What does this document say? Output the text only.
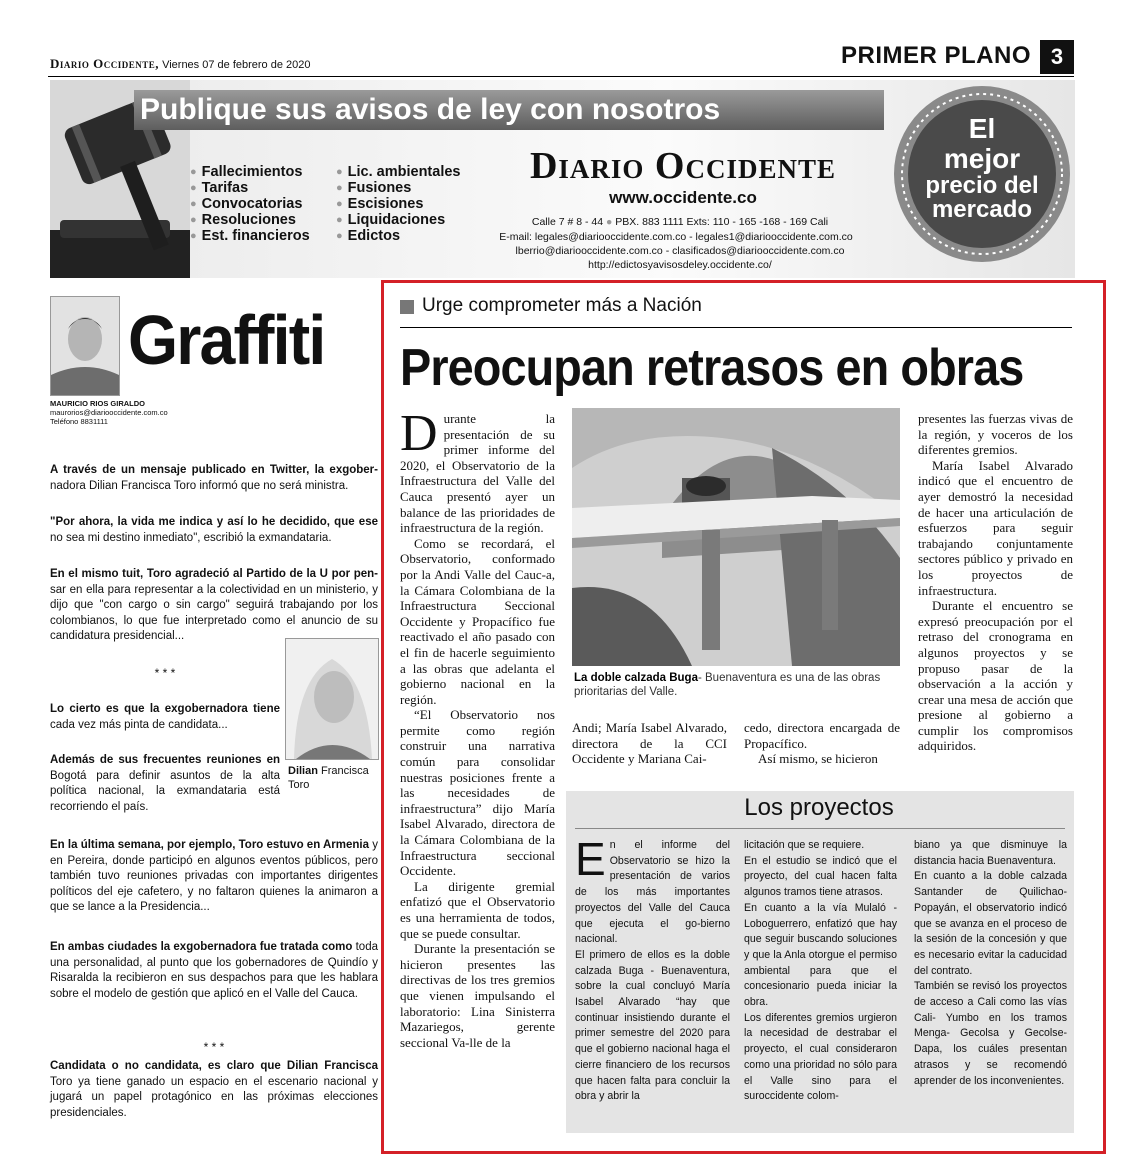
Diario Occidente, Viernes 07 de febrero de 2020	PRIMER PLANO 3
Publique sus avisos de ley con nosotros
● Fallecimientos
● Tarifas
● Convocatorias
● Resoluciones
● Est. financieros
● Lic. ambientales
● Fusiones
● Escisiones
● Liquidaciones
● Edictos
Diario Occidente
www.occidente.co
Calle 7 # 8 - 44 ● PBX. 883 1111 Exts: 110 - 165 -168 - 169 Cali
E-mail: legales@diariooccidente.com.co - legales1@diariooccidente.com.co
lberrio@diariooccidente.com.co - clasificados@diariooccidente.com.co
http://edictosyavisosdeley.occidente.co/
El
mejor
precio del
mercado
Graffiti
MAURICIO RIOS GIRALDO
maurorios@diariooccidente.com.co
Teléfono 8831111
A través de un mensaje publicado en Twitter, la exgober- nadora Dilian Francisca Toro informó que no será ministra.
"Por ahora, la vida me indica y así lo he decidido, que ese no sea mi destino inmediato", escribió la exmandataria.
En el mismo tuit, Toro agradeció al Partido de la U por pen- sar en ella para representar a la colectividad en un ministerio, y dijo que "con cargo o sin cargo" seguirá trabajando por los colombianos, lo que fue interpretado como el anuncio de su candidatura presidencial...
* * *
Dilian Francisca Toro
Lo cierto es que la exgobernadora tiene cada vez más pinta de candidata...
Además de sus frecuentes reuniones en Bogotá para definir asuntos de la alta política nacional, la exmandataria está recorriendo el país.
En la última semana, por ejemplo, Toro estuvo en Armenia y en Pereira, donde participó en algunos eventos públicos, pero también tuvo reuniones privadas con importantes dirigentes políticos del eje cafetero, y no faltaron quienes la animaron a que se lance a la Presidencia...
En ambas ciudades la exgobernadora fue tratada como toda una personalidad, al punto que los gobernadores de Quindío y Risaralda la recibieron en sus despachos para que les hablara sobre el modelo de gestión que aplicó en el Valle del Cauca.
* * *
Candidata o no candidata, es claro que Dilian Francisca Toro ya tiene ganado un espacio en el escenario nacional y jugará un papel protagónico en las próximas elecciones presidenciales.
Urge comprometer más a Nación
Preocupan retrasos en obras

Durante la presentación de su primer informe del 2020, el Observatorio de la Infraestructura del Valle del Cauca presentó ayer un balance de las prioridades de infraestructura de la región.

Como se recordará, el Observatorio, conformado por la Andi Valle del Cauc-a, la Cámara Colombiana de la Infraestructura Seccional Occidente y Propacífico fue reactivado el año pasado con el fin de hacerle seguimiento a las obras que adelanta el gobierno nacional en la región.

“El Observatorio nos permite como región construir una narrativa común para consolidar nuestras posiciones frente a las necesidades de infraestructura” dijo María Isabel Alvarado, directora de la Cámara Colombiana de la Infraestructura seccional Occidente.

La dirigente gremial enfatizó que el Observatorio es una herramienta de todos, que se puede consultar.

Durante la presentación se hicieron presentes las directivas de los tres gremios que vienen impulsando el laboratorio: Lina Sinisterra Mazariegos, gerente seccional Va-lle de la

La doble calzada Buga- Buenaventura es una de las obras prioritarias del Valle.

Andi; María Isabel Alvarado, directora de la CCI Occidente y Mariana Cai-

cedo, directora encargada de Propacífico.

Así mismo, se hicieron

presentes las fuerzas vivas de la región, y voceros de los diferentes gremios.

María Isabel Alvarado indicó que el encuentro de ayer demostró la necesidad de hacer una articulación de esfuerzos para seguir trabajando conjuntamente sectores público y privado en los proyectos de infraestructura.

Durante el encuentro se expresó preocupación por el retraso del cronograma en algunos proyectos y se propuso pasar de la observación a la acción y crear una mesa de acción que presione al gobierno a cumplir los compromisos adquiridos.

Los proyectos

En el informe del Observatorio se hizo la presentación de varios de los más importantes proyectos del Valle del Cauca que ejecuta el go-bierno nacional.

El primero de ellos es la doble calzada Buga - Buenaventura, sobre la cual concluyó María Isabel Alvarado “hay que continuar insistiendo durante el primer semestre del 2020 para que el gobierno nacional haga el cierre financiero de los recursos que hacen falta para concluir la obra y abrir la

licitación que se requiere.

En el estudio se indicó que el proyecto, del cual hacen falta algunos tramos tiene atrasos.

En cuanto a la vía Mulaló - Loboguerrero, enfatizó que hay que seguir buscando soluciones y que la Anla otorgue el permiso ambiental para que el concesionario pueda iniciar la obra.

Los diferentes gremios urgieron la necesidad de destrabar el proyecto, el cual consideraron como una prioridad no sólo para el Valle sino para el suroccidente colom-

biano ya que disminuye la distancia hacia Buenaventura.

En cuanto a la doble calzada Santander de Quilichao- Popayán, el observatorio indicó que se avanza en el proceso de la sesión de la concesión y que es necesario evitar la caducidad del contrato.

También se revisó los proyectos de acceso a Cali como las vías Cali- Yumbo en los tramos Menga- Gecolsa y Gecolse- Dapa, los cuáles presentan atrasos y se recomendó aprender de los inconvenientes.
